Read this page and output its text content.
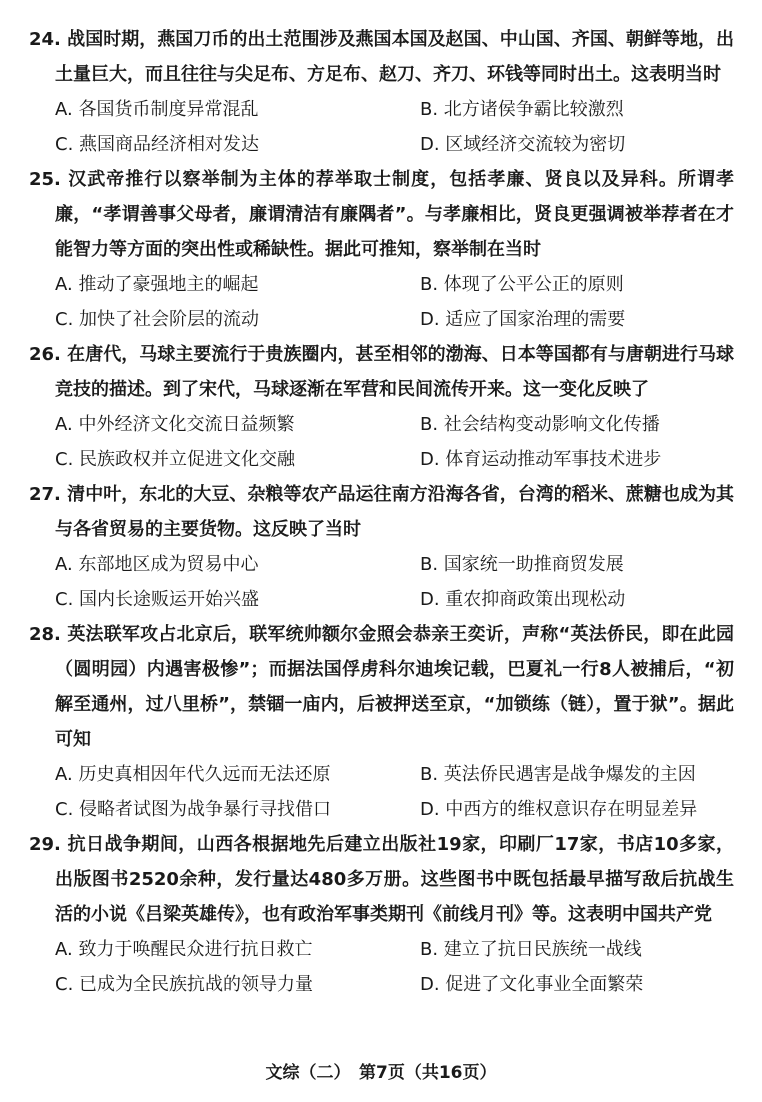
24. 战国时期，燕国刀币的出土范围涉及燕国本国及赵国、中山国、齐国、朝鲜等地，出土量巨大，而且往往与尖足布、方足布、赵刀、齐刀、环钱等同时出土。这表明当时
A. 各国货币制度异常混乱	B. 北方诸侯争霸比较激烈
C. 燕国商品经济相对发达	D. 区域经济交流较为密切
25. 汉武帝推行以察举制为主体的荐举取士制度，包括孝廉、贤良以及异科。所谓孝廉，“孝谓善事父母者，廉谓清洁有廉隅者”。与孝廉相比，贤良更强调被举荐者在才能智力等方面的突出性或稀缺性。据此可推知，察举制在当时
A. 推动了豪强地主的崛起	B. 体现了公平公正的原则
C. 加快了社会阶层的流动	D. 适应了国家治理的需要
26. 在唐代，马球主要流行于贵族圈内，甚至相邻的渤海、日本等国都有与唐朝进行马球竞技的描述。到了宋代，马球逐渐在军营和民间流传开来。这一变化反映了
A. 中外经济文化交流日益频繁	B. 社会结构变动影响文化传播
C. 民族政权并立促进文化交融	D. 体育运动推动军事技术进步
27. 清中叶，东北的大豆、杂粮等农产品运往南方沿海各省，台湾的稻米、蔗糖也成为其与各省贸易的主要货物。这反映了当时
A. 东部地区成为贸易中心	B. 国家统一助推商贸发展
C. 国内长途贩运开始兴盛	D. 重农抑商政策出现松动
28. 英法联军攻占北京后，联军统帅额尔金照会恭亲王奕䜣，声称“英法侨民，即在此园（圆明园）内遇害极惨”；而据法国俘虏科尔迪埃记载，巴夏礼一行8人被捕后，“初解至通州，过八里桥”，禁锢一庙内，后被押送至京，“加锁练（链），置于狱”。据此可知
A. 历史真相因年代久远而无法还原	B. 英法侨民遇害是战争爆发的主因
C. 侵略者试图为战争暴行寻找借口	D. 中西方的维权意识存在明显差异
29. 抗日战争期间，山西各根据地先后建立出版社19家，印刷厂17家，书店10多家，出版图书2520余种，发行量达480多万册。这些图书中既包括最早描写敌后抗战生活的小说《吕梁英雄传》，也有政治军事类期刊《前线月刊》等。这表明中国共产党
A. 致力于唤醒民众进行抗日救亡	B. 建立了抗日民族统一战线
C. 已成为全民族抗战的领导力量	D. 促进了文化事业全面繁荣
文综（二）　第7页（共16页）
